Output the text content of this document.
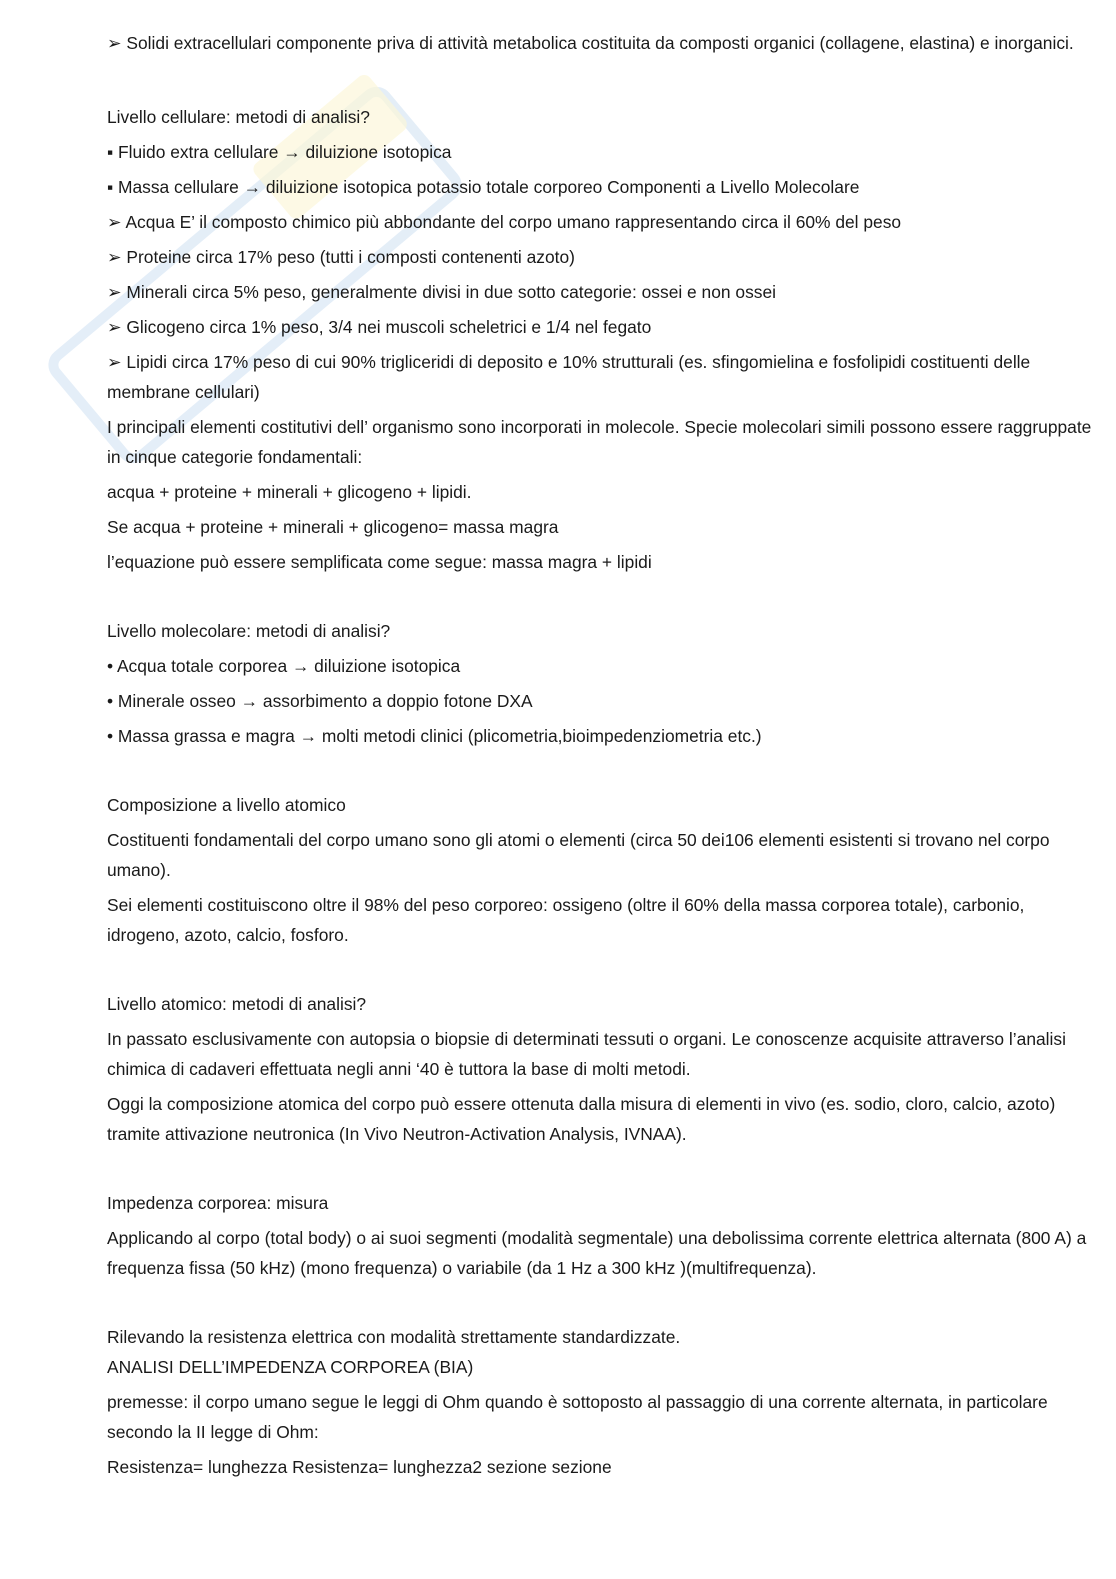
➢ Solidi extracellulari componente priva di attività metabolica costituita da composti organici (collagene, elastina) e inorganici.

Livello cellulare: metodi di analisi?

▪ Fluido extra cellulare → diluizione isotopica

▪ Massa cellulare → diluizione isotopica potassio totale corporeo Componenti a Livello Molecolare

➢ Acqua E’ il composto chimico più abbondante del corpo umano rappresentando circa il 60% del peso

➢ Proteine circa 17% peso (tutti i composti contenenti azoto)

➢ Minerali circa 5% peso, generalmente divisi in due sotto categorie: ossei e non ossei

➢ Glicogeno circa 1% peso, 3/4 nei muscoli scheletrici e 1/4 nel fegato

➢ Lipidi circa 17% peso di cui 90% trigliceridi di deposito e 10% strutturali (es. sfingomielina e fosfolipidi costituenti delle membrane cellulari)

I principali elementi costitutivi dell’ organismo sono incorporati in molecole. Specie molecolari simili possono essere raggruppate in cinque categorie fondamentali:

acqua + proteine + minerali + glicogeno + lipidi.

Se acqua + proteine + minerali + glicogeno= massa magra

l’equazione può essere semplificata come segue: massa magra + lipidi

Livello molecolare: metodi di analisi?

• Acqua totale corporea → diluizione isotopica

• Minerale osseo → assorbimento a doppio fotone DXA

• Massa grassa e magra → molti metodi clinici (plicometria,bioimpedenziometria etc.)

Composizione a livello atomico

Costituenti fondamentali del corpo umano sono gli atomi o elementi (circa 50 dei106 elementi esistenti si trovano nel corpo umano).

Sei elementi costituiscono oltre il 98% del peso corporeo: ossigeno (oltre il 60% della massa corporea totale), carbonio, idrogeno, azoto, calcio, fosforo.

Livello atomico: metodi di analisi?

In passato esclusivamente con autopsia o biopsie di determinati tessuti o organi. Le conoscenze acquisite attraverso l’analisi chimica di cadaveri effettuata negli anni ‘40 è tuttora la base di molti metodi.

Oggi la composizione atomica del corpo può essere ottenuta dalla misura di elementi in vivo (es. sodio, cloro, calcio, azoto) tramite attivazione neutronica (In Vivo Neutron-Activation Analysis, IVNAA).

Impedenza corporea: misura

Applicando al corpo (total body) o ai suoi segmenti (modalità segmentale) una debolissima corrente elettrica alternata (800 A) a frequenza fissa (50 kHz) (mono frequenza) o variabile (da 1 Hz a 300 kHz )(multifrequenza).

Rilevando la resistenza elettrica con modalità strettamente standardizzate.

ANALISI DELL’IMPEDENZA CORPOREA (BIA)

premesse: il corpo umano segue le leggi di Ohm quando è sottoposto al passaggio di una corrente alternata, in particolare secondo la II legge di Ohm:

Resistenza= lunghezza Resistenza= lunghezza2 sezione sezione
